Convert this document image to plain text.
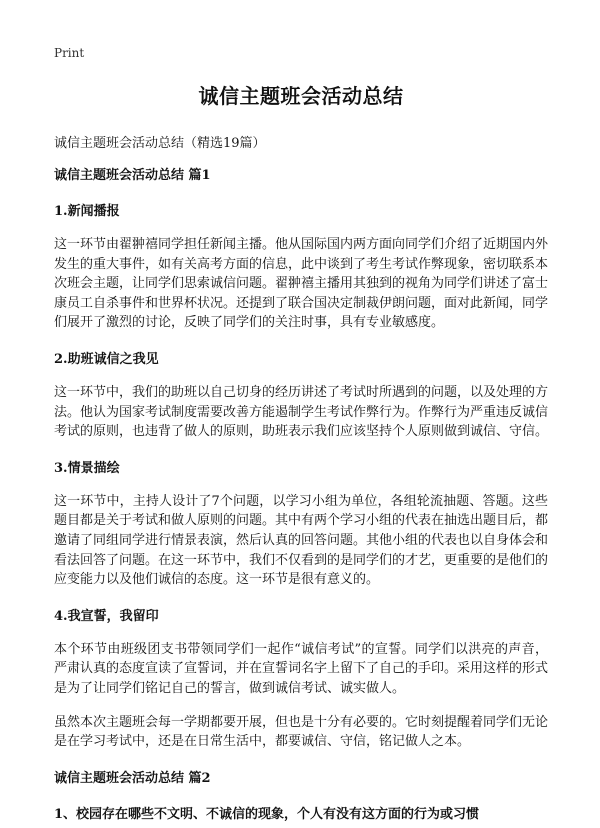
Print
诚信主题班会活动总结

诚信主题班会活动总结（精选19篇）

诚信主题班会活动总结 篇1

1.新闻播报

这一环节由翟翀禧同学担任新闻主播。他从国际国内两方面向同学们介绍了近期国内外发生的重大事件，如有关高考方面的信息，此中谈到了考生考试作弊现象，密切联系本次班会主题，让同学们思索诚信问题。翟翀禧主播用其独到的视角为同学们讲述了富士康员工自杀事件和世界杯状况。还提到了联合国决定制裁伊朗问题，面对此新闻，同学们展开了激烈的讨论，反映了同学们的关注时事，具有专业敏感度。

2.助班诚信之我见

这一环节中，我们的助班以自己切身的经历讲述了考试时所遇到的问题，以及处理的方法。他认为国家考试制度需要改善方能遏制学生考试作弊行为。作弊行为严重违反诚信考试的原则，也违背了做人的原则，助班表示我们应该坚持个人原则做到诚信、守信。

3.情景描绘

这一环节中，主持人设计了7个问题，以学习小组为单位，各组轮流抽题、答题。这些题目都是关于考试和做人原则的问题。其中有两个学习小组的代表在抽选出题目后，都邀请了同组同学进行情景表演，然后认真的回答问题。其他小组的代表也以自身体会和看法回答了问题。在这一环节中，我们不仅看到的是同学们的才艺，更重要的是他们的应变能力以及他们诚信的态度。这一环节是很有意义的。

4.我宣誓，我留印

本个环节由班级团支书带领同学们一起作“诚信考试”的宣誓。同学们以洪亮的声音，严肃认真的态度宣读了宣誓词，并在宣誓词名字上留下了自己的手印。采用这样的形式是为了让同学们铭记自己的誓言，做到诚信考试、诚实做人。

虽然本次主题班会每一学期都要开展，但也是十分有必要的。它时刻提醒着同学们无论是在学习考试中，还是在日常生活中，都要诚信、守信，铭记做人之本。

诚信主题班会活动总结 篇2

1、校园存在哪些不文明、不诚信的现象，个人有没有这方面的行为或习惯
